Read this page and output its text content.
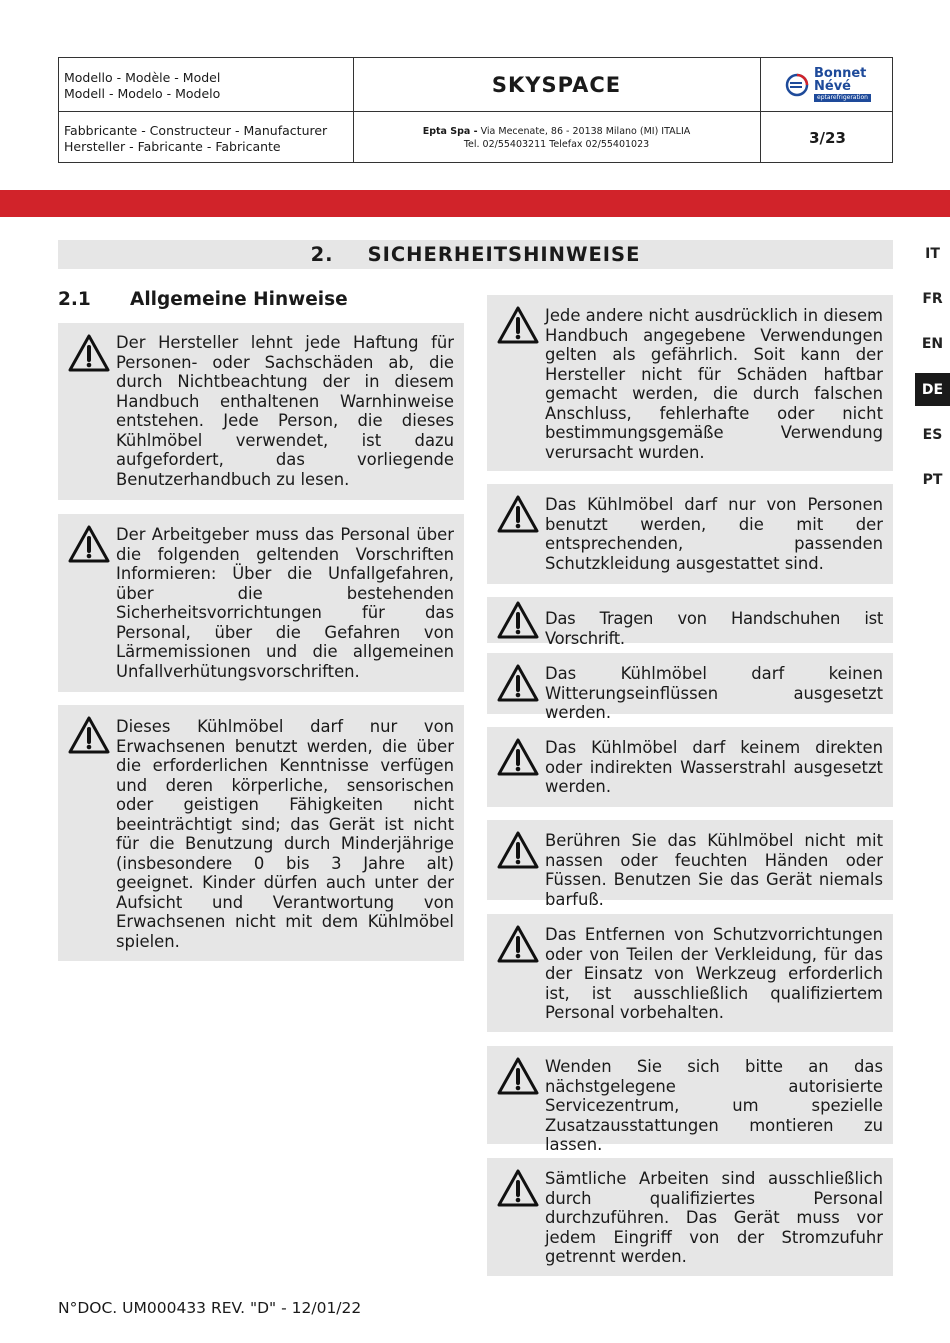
Modello - Modèle - Model
Modell - Modelo - Modelo	SKYSPACE	Bonnet
Névé
eptarefrigeration
Fabbricante - Constructeur - Manufacturer
Hersteller - Fabricante - Fabricante
Epta Spa - Via Mecenate, 86 - 20138 Milano (MI) ITALIA
Tel. 02/55403211 Telefax 02/55401023	3/23
2. SICHERHEITSHINWEISE
2.1 Allgemeine Hinweise
Der Hersteller lehnt jede Haftung für Personen- oder Sachschäden ab, die durch Nichtbeachtung der in diesem Handbuch enthaltenen Warnhinweise entstehen. Jede Person, die dieses Kühlmöbel verwendet, ist dazu aufgefordert, das vorliegende Benutzerhandbuch zu lesen.
Der Arbeitgeber muss das Personal über die folgenden geltenden Vorschriften Informieren: Über die Unfallgefahren, über die bestehenden Sicherheitsvorrichtungen für das Personal, über die Gefahren von Lärmemissionen und die allgemeinen Unfallverhütungsvorschriften.
Dieses Kühlmöbel darf nur von Erwachsenen benutzt werden, die über die erforderlichen Kenntnisse verfügen und deren körperliche, sensorischen oder geistigen Fähigkeiten nicht beeinträchtigt sind; das Gerät ist nicht für die Benutzung durch Minderjährige (insbesondere 0 bis 3 Jahre alt) geeignet. Kinder dürfen auch unter der Aufsicht und Verantwortung von Erwachsenen nicht mit dem Kühlmöbel spielen.
Jede andere nicht ausdrücklich in diesem Handbuch angegebene Verwendungen gelten als gefährlich. Soit kann der Hersteller nicht für Schäden haftbar gemacht werden, die durch falschen Anschluss, fehlerhafte oder nicht bestimmungsgemäße Verwendung verursacht wurden.
Das Kühlmöbel darf nur von Personen benutzt werden, die mit der entsprechenden, passenden Schutzkleidung ausgestattet sind.
Das Tragen von Handschuhen ist Vorschrift.
Das Kühlmöbel darf keinen Witterungseinflüssen ausgesetzt werden.
Das Kühlmöbel darf keinem direkten oder indirekten Wasserstrahl ausgesetzt werden.
Berühren Sie das Kühlmöbel nicht mit nassen oder feuchten Händen oder Füssen. Benutzen Sie das Gerät niemals barfuß.
Das Entfernen von Schutzvorrichtungen oder von Teilen der Verkleidung, für das der Einsatz von Werkzeug erforderlich ist, ist ausschließlich qualifiziertem Personal vorbehalten.
Wenden Sie sich bitte an das nächstgelegene autorisierte Servicezentrum, um spezielle Zusatzausstattungen montieren zu lassen.
Sämtliche Arbeiten sind ausschließlich durch qualifiziertes Personal durchzuführen. Das Gerät muss vor jedem Eingriff von der Stromzufuhr getrennt werden.
IT
FR
EN
DE
ES
PT
N°DOC. UM000433 REV. "D" - 12/01/22
